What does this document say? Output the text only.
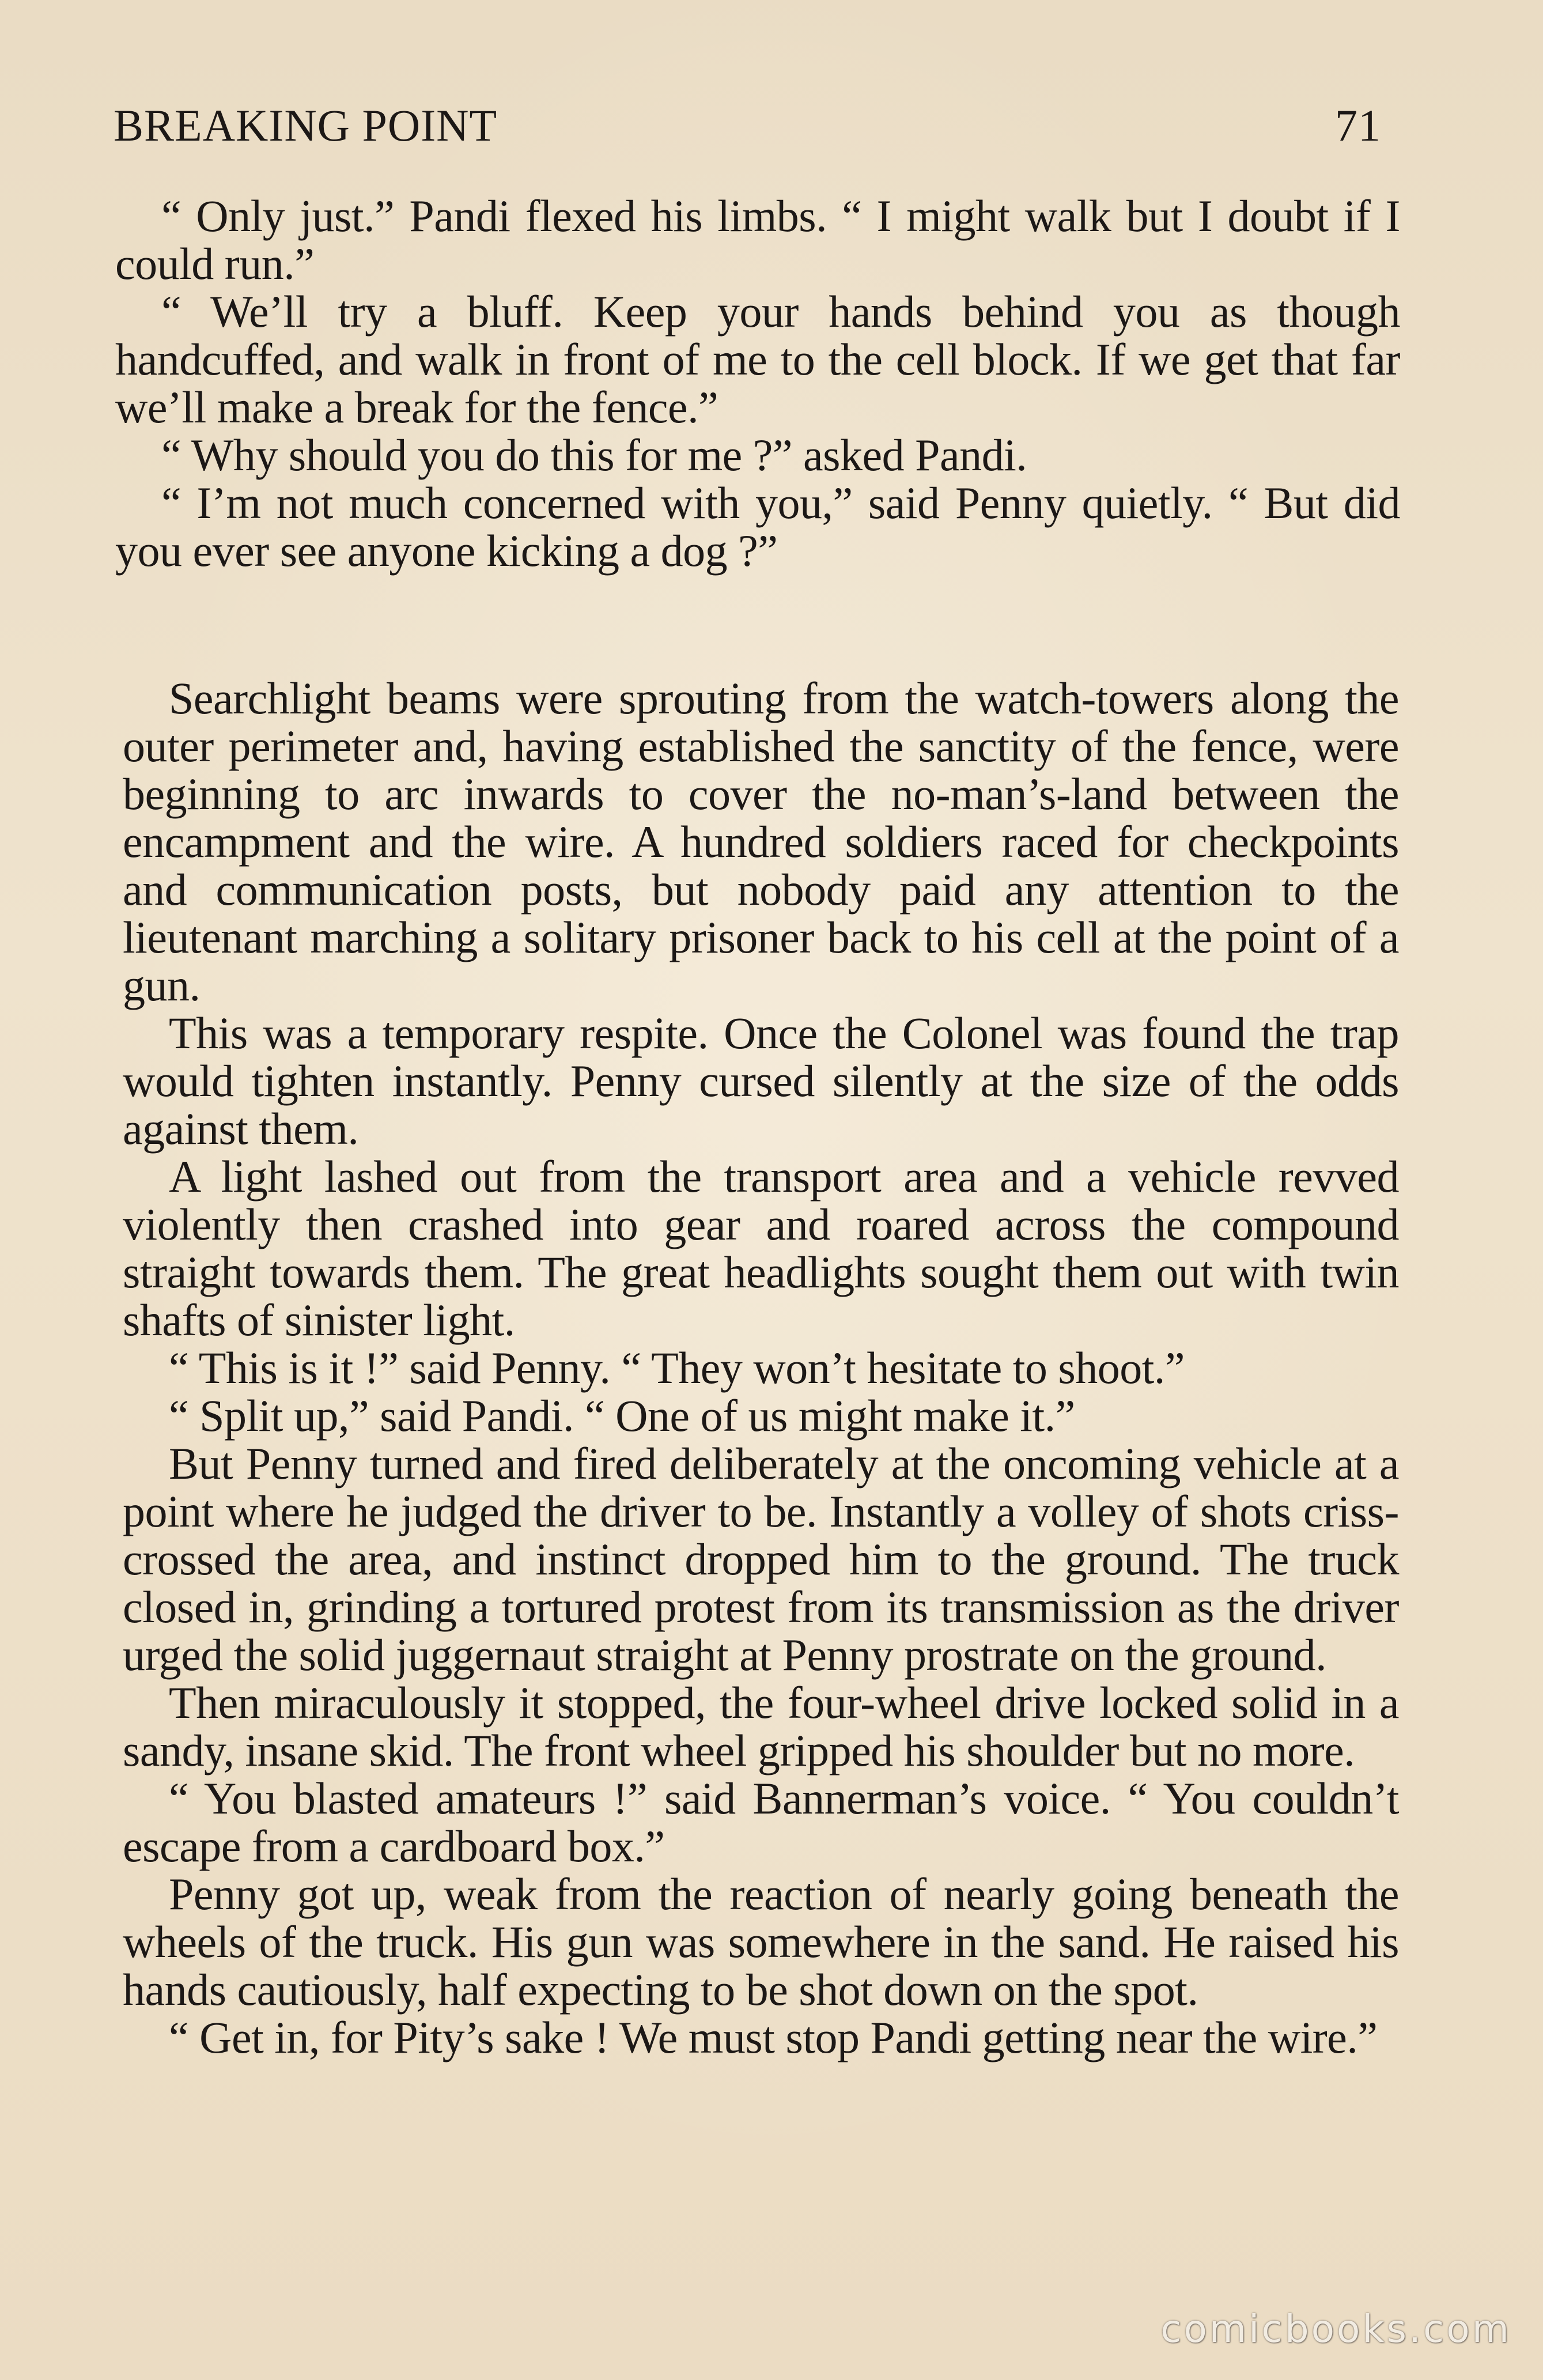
BREAKING POINT	71

“ Only just.” Pandi flexed his limbs. “ I might walk but I doubt if I could run.”

“ We’ll try a bluff. Keep your hands behind you as though handcuffed, and walk in front of me to the cell block. If we get that far we’ll make a break for the fence.”

“ Why should you do this for me ?” asked Pandi.

“ I’m not much concerned with you,” said Penny quietly. “ But did you ever see anyone kicking a dog ?”

Searchlight beams were sprouting from the watch-towers along the outer perimeter and, having established the sanctity of the fence, were beginning to arc inwards to cover the no-man’s-land between the encampment and the wire. A hundred soldiers raced for checkpoints and communication posts, but nobody paid any attention to the lieutenant marching a solitary prisoner back to his cell at the point of a gun.

This was a temporary respite. Once the Colonel was found the trap would tighten instantly. Penny cursed silently at the size of the odds against them.

A light lashed out from the transport area and a vehicle revved violently then crashed into gear and roared across the compound straight towards them. The great headlights sought them out with twin shafts of sinister light.

“ This is it !” said Penny. “ They won’t hesitate to shoot.”

“ Split up,” said Pandi. “ One of us might make it.”

But Penny turned and fired deliberately at the oncoming vehicle at a point where he judged the driver to be. Instantly a volley of shots criss-crossed the area, and instinct dropped him to the ground. The truck closed in, grinding a tortured protest from its transmission as the driver urged the solid juggernaut straight at Penny prostrate on the ground.

Then miraculously it stopped, the four-wheel drive locked solid in a sandy, insane skid. The front wheel gripped his shoulder but no more.

“ You blasted amateurs !” said Bannerman’s voice. “ You couldn’t escape from a cardboard box.”

Penny got up, weak from the reaction of nearly going beneath the wheels of the truck. His gun was somewhere in the sand. He raised his hands cautiously, half expecting to be shot down on the spot.

“ Get in, for Pity’s sake ! We must stop Pandi getting near the wire.”

comicbooks.com
